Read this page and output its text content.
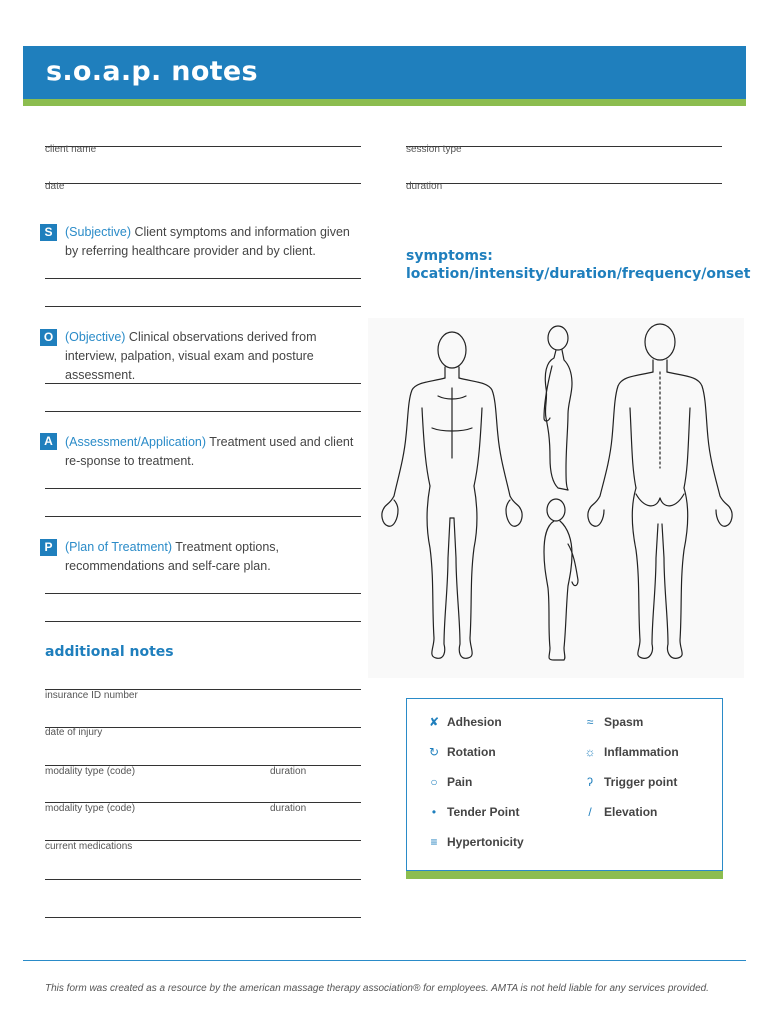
s.o.a.p. notes
client name	session type
date	duration
S	(Subjective) Client symptoms and information given by referring healthcare provider and by client.
O (Objective) Clinical observations derived from interview, palpation, visual exam and posture assessment.
A (Assessment/Application) Treatment used and client re-sponse to treatment.
P	(Plan of Treatment) Treatment options, recommendations and self-care plan.
symptoms:
location/intensity/duration/frequency/onset
additional notes
insurance ID number
date of injury
modality type (code)	duration
modality type (code)	duration
current medications
✘ Adhesion	≈ Spasm
↻ Rotation	☼ Inflammation
○ Pain	ʔ Trigger point
• Tender Point	/	Elevation
≡ Hypertonicity
This form was created as a resource by the american massage therapy association® for employees. AMTA is not held liable for any services provided.
